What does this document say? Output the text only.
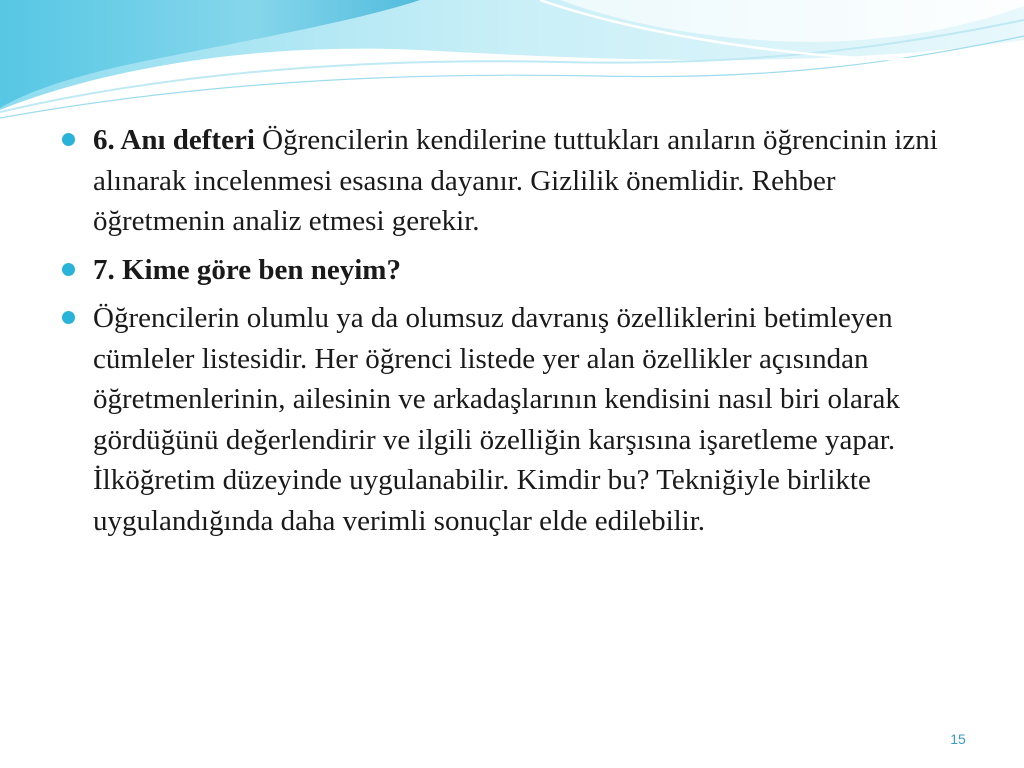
6. Anı defteri Öğrencilerin kendilerine tuttukları anıların öğrencinin izni alınarak incelenmesi esasına dayanır. Gizlilik önemlidir. Rehber öğretmenin analiz etmesi gerekir.
7. Kime göre ben neyim?
Öğrencilerin olumlu ya da olumsuz davranış özelliklerini betimleyen cümleler listesidir. Her öğrenci listede yer alan özellikler açısından öğretmenlerinin, ailesinin ve arkadaşlarının kendisini nasıl biri olarak gördüğünü değerlendirir ve ilgili özelliğin karşısına işaretleme yapar. İlköğretim düzeyinde uygulanabilir. Kimdir bu? Tekniğiyle birlikte uygulandığında daha verimli sonuçlar elde edilebilir.
15
